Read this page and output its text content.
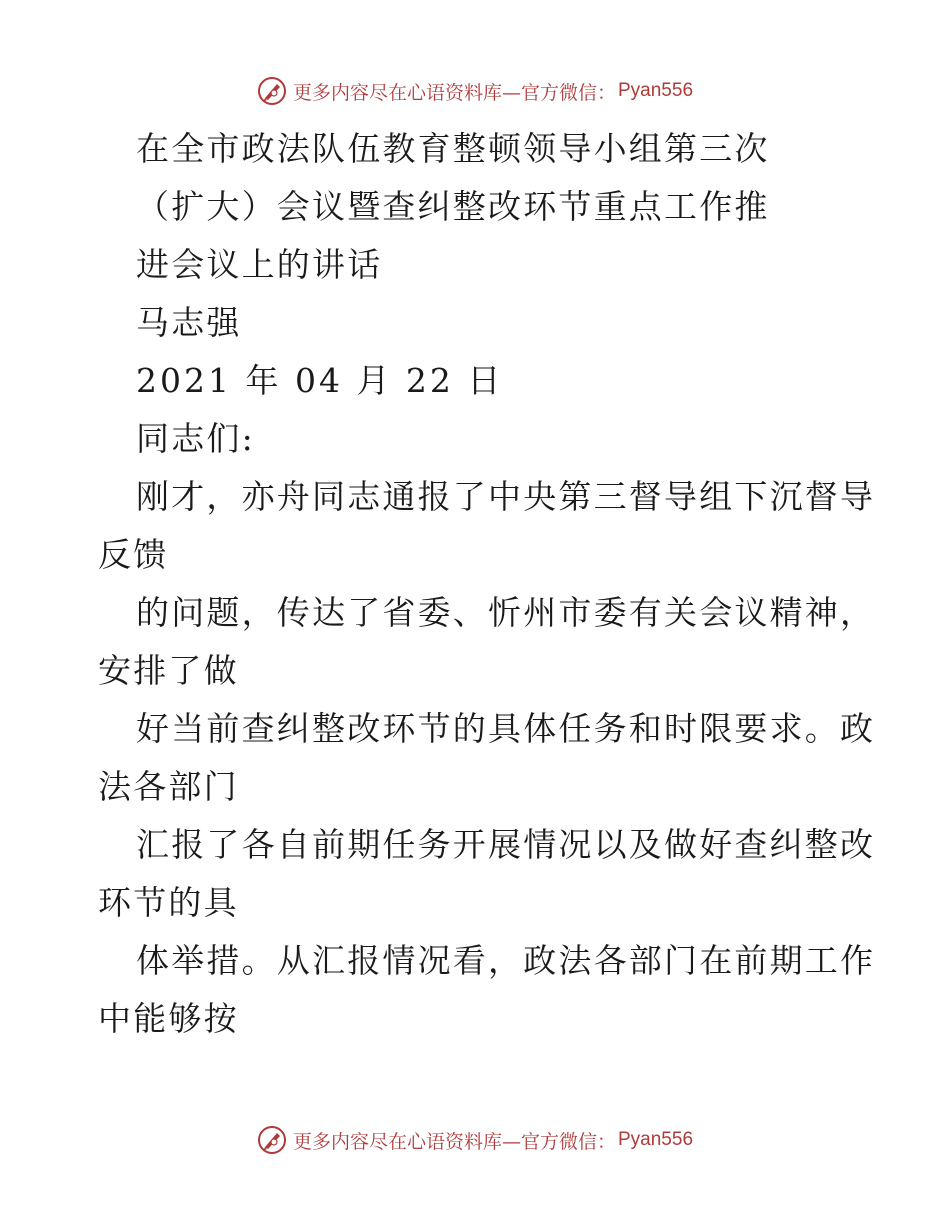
更多内容尽在心语资料库—官方微信： Pyan556
在全市政法队伍教育整顿领导小组第三次
（扩大）会议暨查纠整改环节重点工作推
进会议上的讲话
马志强
2021 年 04 月 22 日
同志们:
刚才，亦舟同志通报了中央第三督导组下沉督导
反馈
的问题，传达了省委、忻州市委有关会议精神，
安排了做
好当前查纠整改环节的具体任务和时限要求。政
法各部门
汇报了各自前期任务开展情况以及做好查纠整改
环节的具
体举措。从汇报情况看，政法各部门在前期工作
中能够按
更多内容尽在心语资料库—官方微信： Pyan556
